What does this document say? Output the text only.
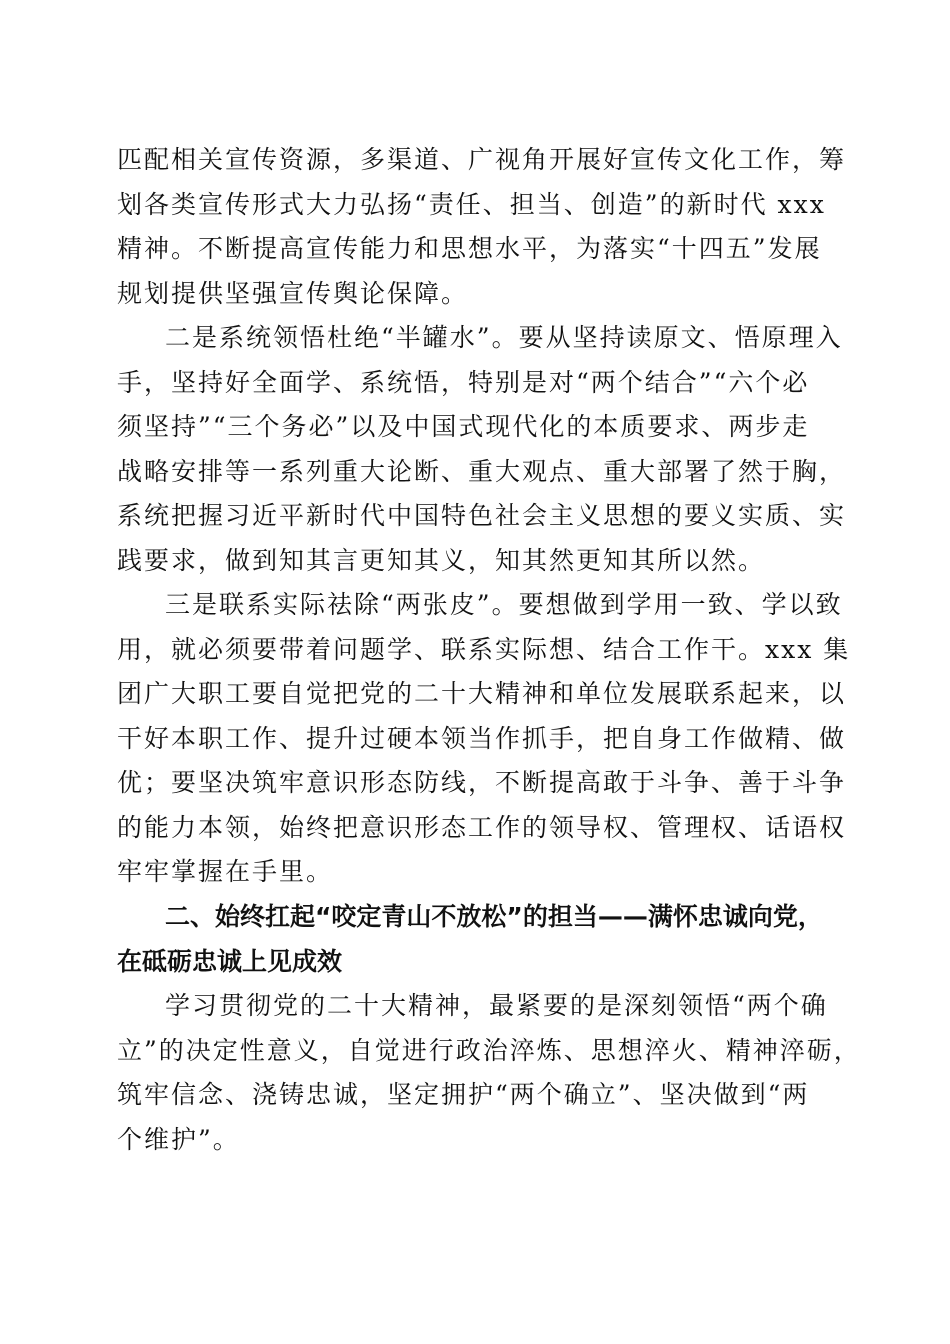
匹配相关宣传资源，多渠道、广视角开展好宣传文化工作，筹
划各类宣传形式大力弘扬“责任、担当、创造”的新时代 xxx
精神。不断提高宣传能力和思想水平，为落实“十四五”发展
规划提供坚强宣传舆论保障。
二是系统领悟杜绝“半罐水”。要从坚持读原文、悟原理入
手，坚持好全面学、系统悟，特别是对“两个结合”“六个必
须坚持”“三个务必”以及中国式现代化的本质要求、两步走
战略安排等一系列重大论断、重大观点、重大部署了然于胸，
系统把握习近平新时代中国特色社会主义思想的要义实质、实
践要求，做到知其言更知其义，知其然更知其所以然。
三是联系实际祛除“两张皮”。要想做到学用一致、学以致
用，就必须要带着问题学、联系实际想、结合工作干。xxx 集
团广大职工要自觉把党的二十大精神和单位发展联系起来，以
干好本职工作、提升过硬本领当作抓手，把自身工作做精、做
优；要坚决筑牢意识形态防线，不断提高敢于斗争、善于斗争
的能力本领，始终把意识形态工作的领导权、管理权、话语权
牢牢掌握在手里。
二、始终扛起“咬定青山不放松”的担当——满怀忠诚向党，
在砥砺忠诚上见成效
学习贯彻党的二十大精神，最紧要的是深刻领悟“两个确
立”的决定性意义，自觉进行政治淬炼、思想淬火、精神淬砺，
筑牢信念、浇铸忠诚，坚定拥护“两个确立”、坚决做到“两
个维护”。
